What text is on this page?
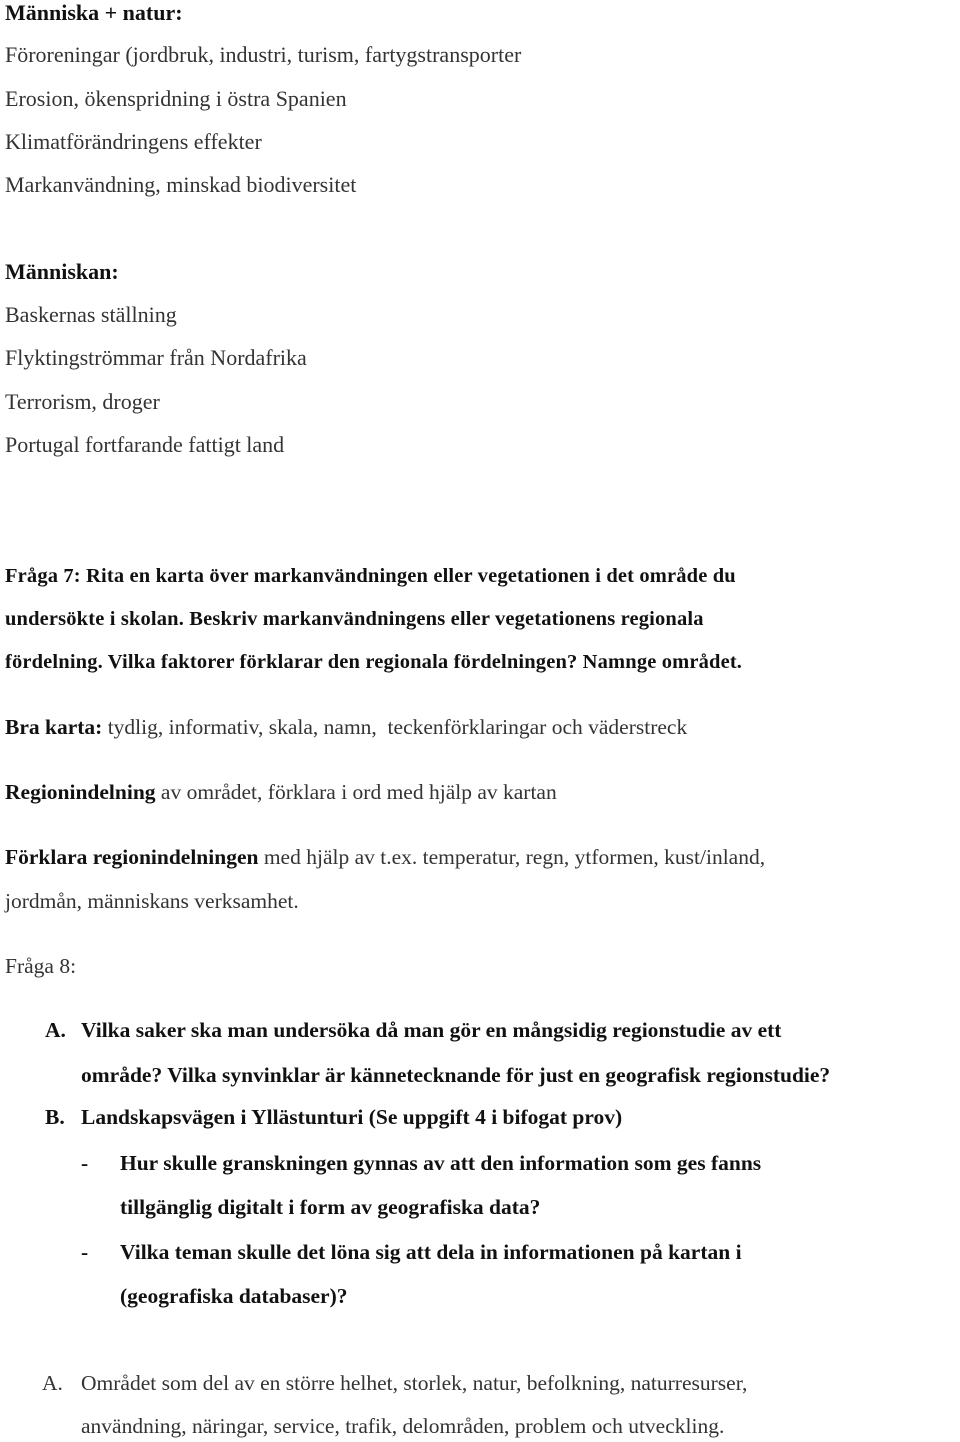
Människa + natur:
Föroreningar (jordbruk, industri, turism, fartygstransporter
Erosion, ökenspridning i östra Spanien
Klimatförändringens effekter
Markanvändning, minskad biodiversitet
Människan:
Baskernas ställning
Flyktingströmmar från Nordafrika
Terrorism, droger
Portugal fortfarande fattigt land
Fråga 7: Rita en karta över markanvändningen eller vegetationen i det område du
undersökte i skolan. Beskriv markanvändningens eller vegetationens regionala
fördelning. Vilka faktorer förklarar den regionala fördelningen? Namnge området.
Bra karta: tydlig, informativ, skala, namn,  teckenförklaringar och väderstreck
Regionindelning av området, förklara i ord med hjälp av kartan
Förklara regionindelningen med hjälp av t.ex. temperatur, regn, ytformen, kust/inland,
jordmån, människans verksamhet.
Fråga 8:
A. Vilka saker ska man undersöka då man gör en mångsidig regionstudie av ett
område? Vilka synvinklar är kännetecknande för just en geografisk regionstudie?
B. Landskapsvägen i Yllästunturi (Se uppgift 4 i bifogat prov)
- Hur skulle granskningen gynnas av att den information som ges fanns
tillgänglig digitalt i form av geografiska data?
- Vilka teman skulle det löna sig att dela in informationen på kartan i
(geografiska databaser)?
A. Området som del av en större helhet, storlek, natur, befolkning, naturresurser,
användning, näringar, service, trafik, delområden, problem och utveckling.
